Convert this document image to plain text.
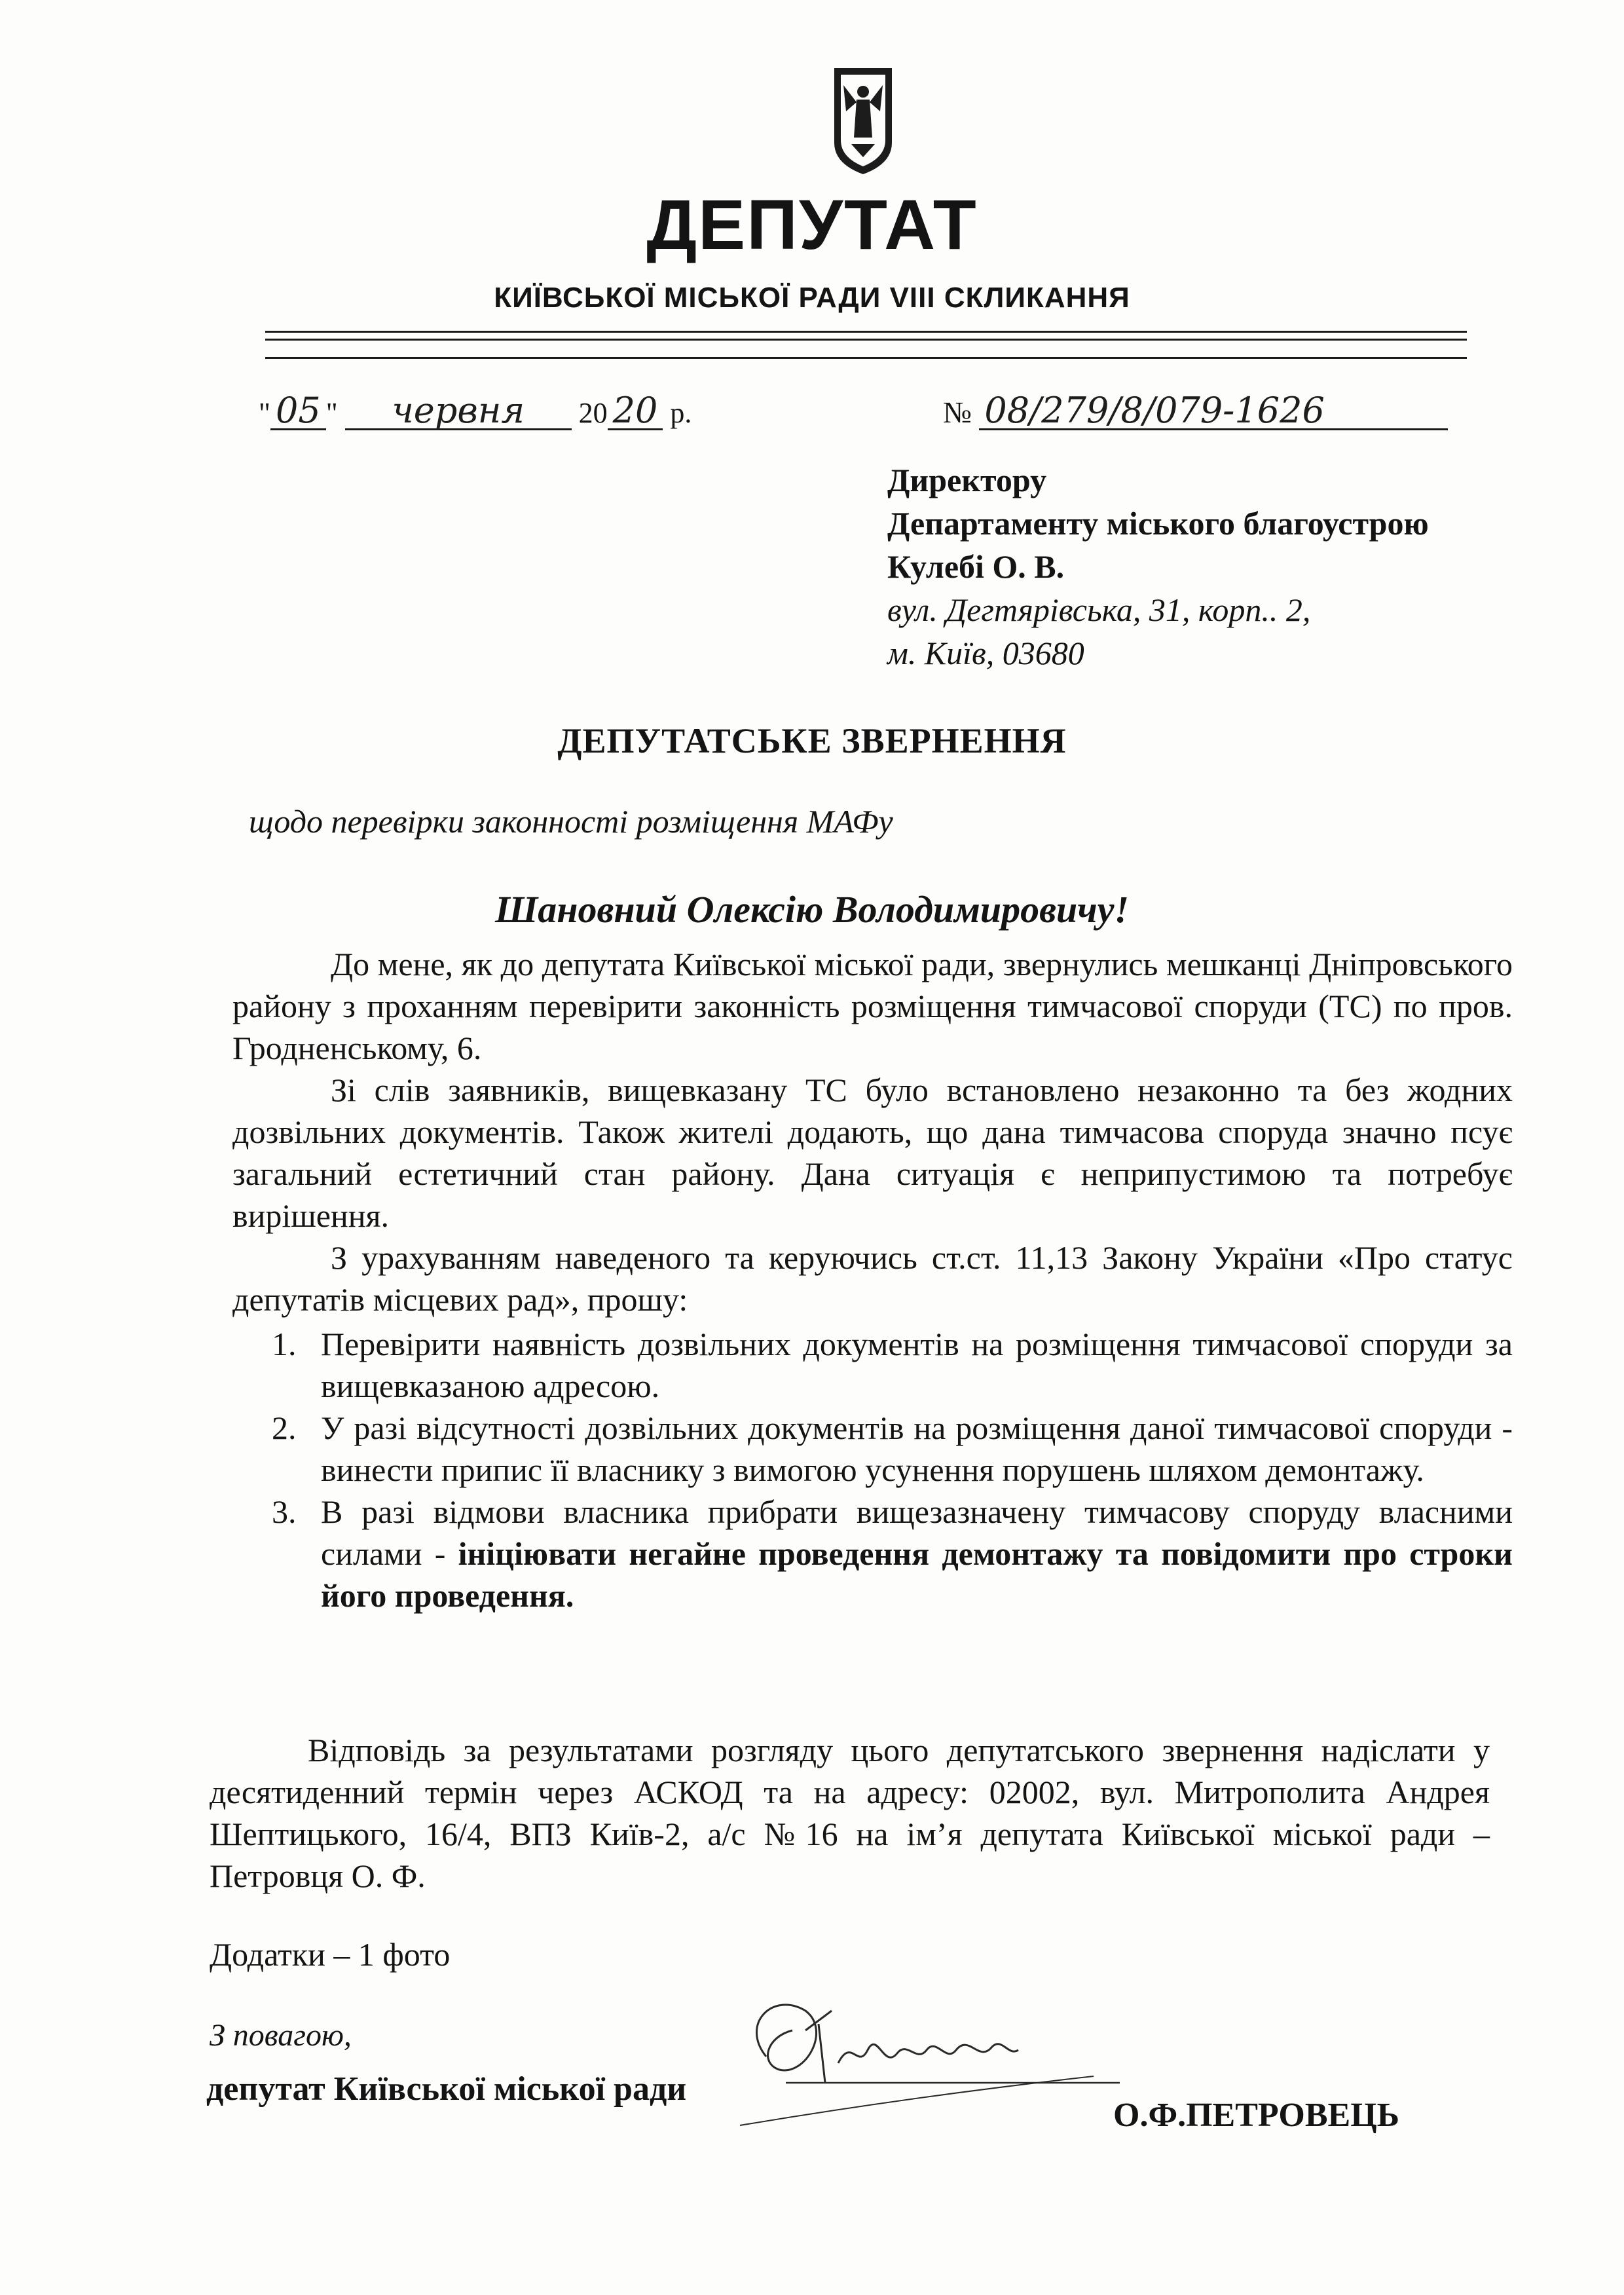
ДЕПУТАТ
КИЇВСЬКОЇ МІСЬКОЇ РАДИ VIII СКЛИКАННЯ
" 05 " червня 20 20 р.	№ 08/279/8/079-1626
Директору
Департаменту міського благоустрою
Кулебі О. В.
вул. Дегтярівська, 31, корп.. 2,
м. Київ, 03680
ДЕПУТАТСЬКЕ ЗВЕРНЕННЯ
щодо перевірки законності розміщення МАФу
Шановний Олексію Володимировичу!

До мене, як до депутата Київської міської ради, звернулись мешканці Дніпровського району з проханням перевірити законність розміщення тимчасової споруди (ТС) по пров. Гродненському, 6.

Зі слів заявників, вищевказану ТС було встановлено незаконно та без жодних дозвільних документів. Також жителі додають, що дана тимчасова споруда значно псує загальний естетичний стан району. Дана ситуація є неприпустимою та потребує вирішення.

З урахуванням наведеного та керуючись ст.ст. 11,13 Закону України «Про статус депутатів місцевих рад», прошу:

1. Перевірити наявність дозвільних документів на розміщення тимчасової споруди за вищевказаною адресою.
2. У разі відсутності дозвільних документів на розміщення даної тимчасової споруди - винести припис її власнику з вимогою усунення порушень шляхом демонтажу.
3. В разі відмови власника прибрати вищезазначену тимчасову споруду власними силами - ініціювати негайне проведення демонтажу та повідомити про строки його проведення.

Відповідь за результатами розгляду цього депутатського звернення надіслати у десятиденний термін через АСКОД та на адресу: 02002, вул. Митрополита Андрея Шептицького, 16/4, ВПЗ Київ-2, а/с №16 на ім’я депутата Київської міської ради – Петровця О. Ф.

Додатки – 1 фото
З повагою,
депутат Київської міської ради
О.Ф.ПЕТРОВЕЦЬ
